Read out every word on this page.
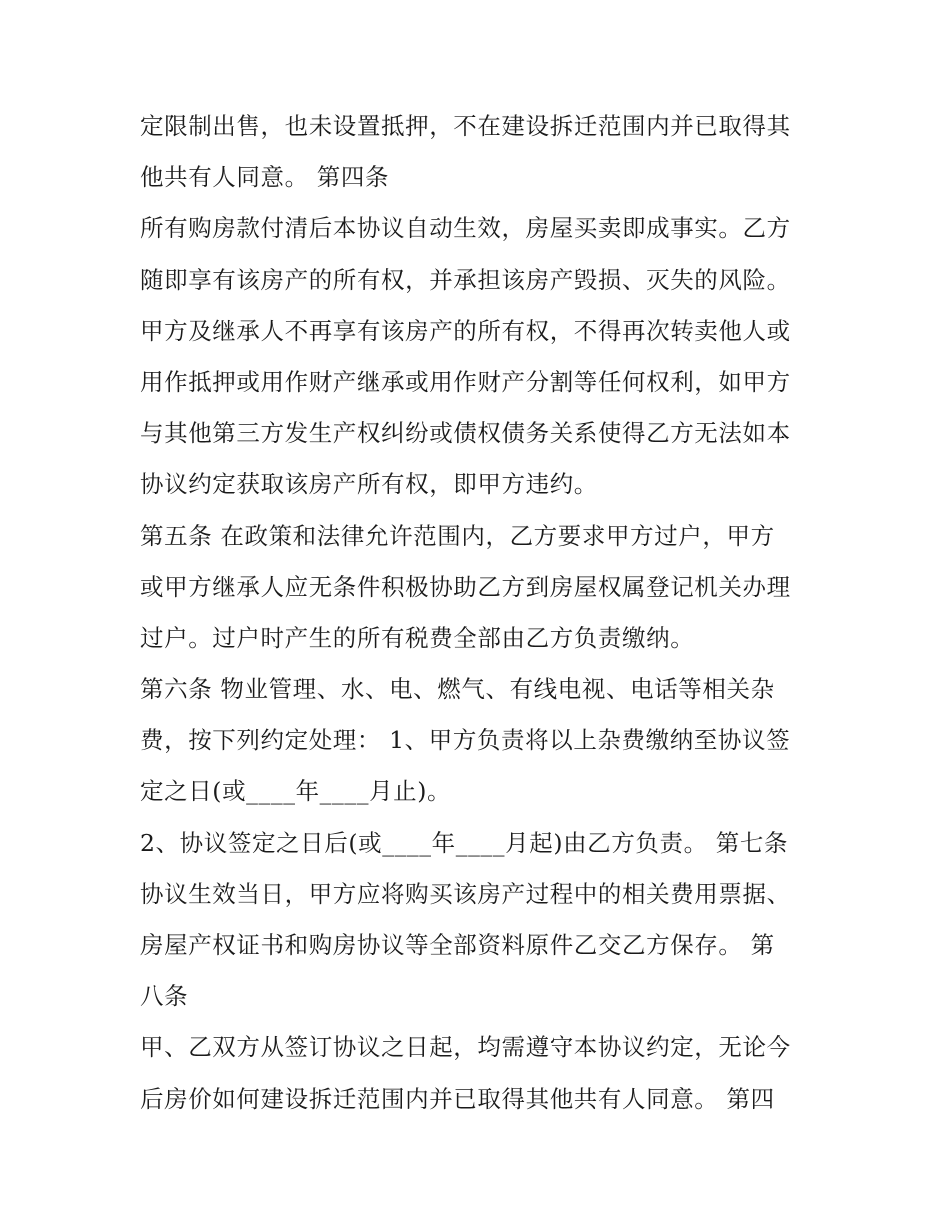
定限制出售，也未设置抵押，不在建设拆迁范围内并已取得其
他共有人同意。 第四条
所有购房款付清后本协议自动生效，房屋买卖即成事实。乙方
随即享有该房产的所有权，并承担该房产毁损、灭失的风险。
甲方及继承人不再享有该房产的所有权，不得再次转卖他人或
用作抵押或用作财产继承或用作财产分割等任何权利，如甲方
与其他第三方发生产权纠纷或债权债务关系使得乙方无法如本
协议约定获取该房产所有权，即甲方违约。
第五条 在政策和法律允许范围内，乙方要求甲方过户，甲方
或甲方继承人应无条件积极协助乙方到房屋权属登记机关办理
过户。过户时产生的所有税费全部由乙方负责缴纳。
第六条 物业管理、水、电、燃气、有线电视、电话等相关杂
费，按下列约定处理： 1、甲方负责将以上杂费缴纳至协议签
定之日(或____年____月止)。
2、协议签定之日后(或____年____月起)由乙方负责。 第七条
协议生效当日，甲方应将购买该房产过程中的相关费用票据、
房屋产权证书和购房协议等全部资料原件乙交乙方保存。 第
八条
甲、乙双方从签订协议之日起，均需遵守本协议约定，无论今
后房价如何建设拆迁范围内并已取得其他共有人同意。 第四
